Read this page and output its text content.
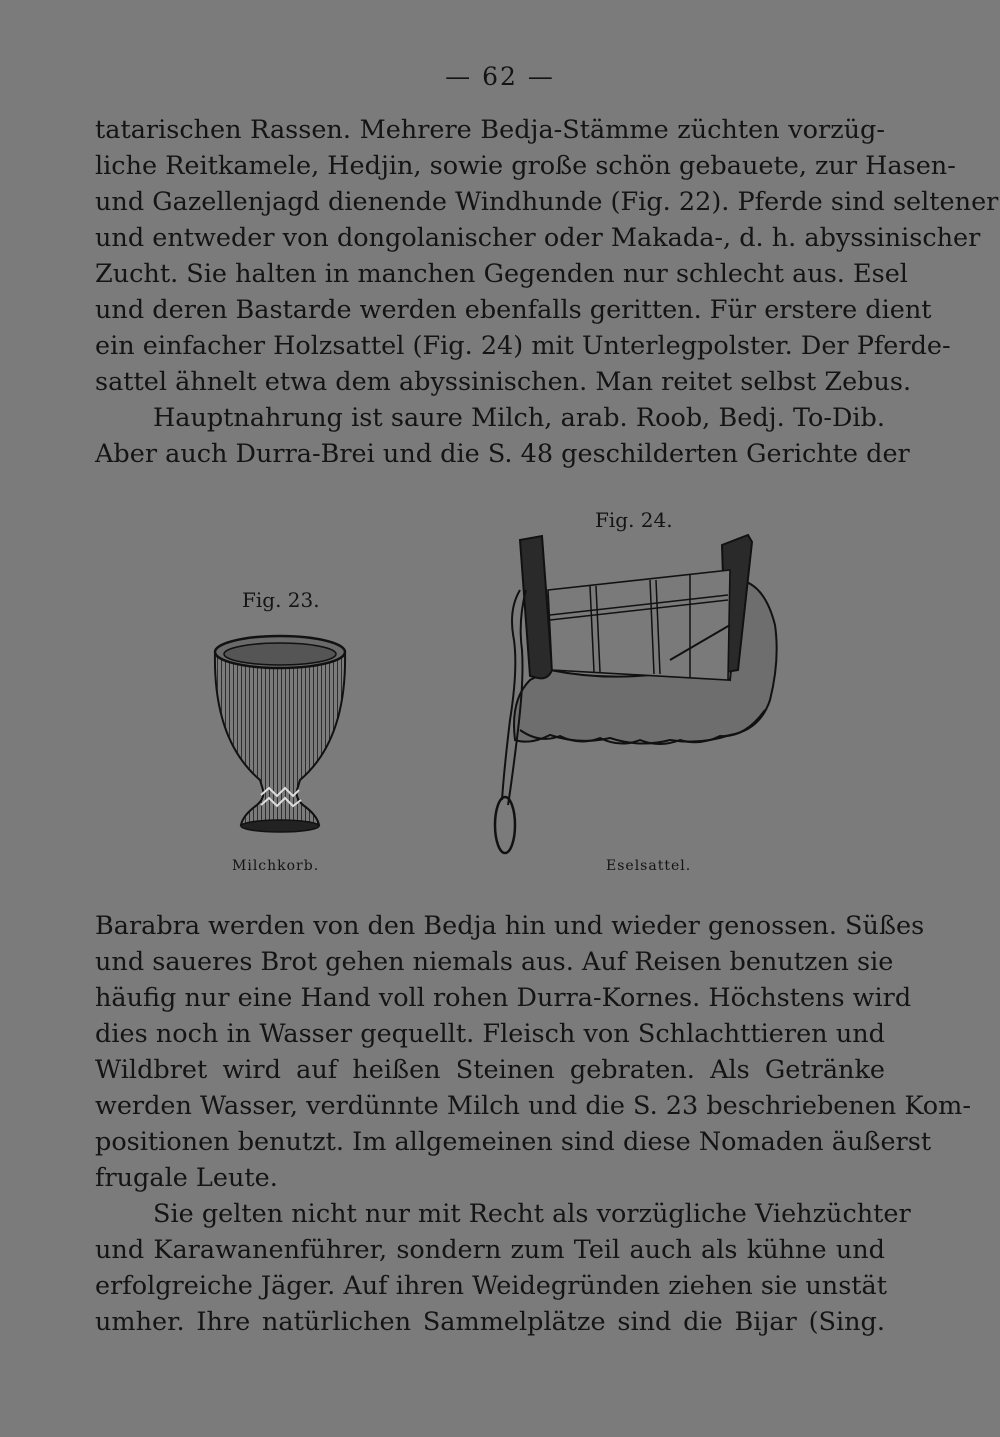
— 62 —
tatarischen Rassen. Mehrere Bedja-Stämme züchten vorzüg-
liche Reitkamele, Hedjin, sowie große schön gebauete, zur Hasen-
und Gazellenjagd dienende Windhunde (Fig. 22). Pferde sind seltener
und entweder von dongolanischer oder Makada-, d. h. abyssinischer
Zucht. Sie halten in manchen Gegenden nur schlecht aus. Esel
und deren Bastarde werden ebenfalls geritten. Für erstere dient
ein einfacher Holzsattel (Fig. 24) mit Unterlegpolster. Der Pferde-
sattel ähnelt etwa dem abyssinischen. Man reitet selbst Zebus.
Hauptnahrung ist saure Milch, arab. Roob, Bedj. To-Dib.
Aber auch Durra-Brei und die S. 48 geschilderten Gerichte der
Fig. 23.
Milchkorb.
Fig. 24.
Eselsattel.
Barabra werden von den Bedja hin und wieder genossen. Süßes
und saueres Brot gehen niemals aus. Auf Reisen benutzen sie
häufig nur eine Hand voll rohen Durra-Kornes. Höchstens wird
dies noch in Wasser gequellt. Fleisch von Schlachttieren und
Wildbret wird auf heißen Steinen gebraten. Als Getränke
werden Wasser, verdünnte Milch und die S. 23 beschriebenen Kom-
positionen benutzt. Im allgemeinen sind diese Nomaden äußerst
frugale Leute.
Sie gelten nicht nur mit Recht als vorzügliche Viehzüchter
und Karawanenführer, sondern zum Teil auch als kühne und
erfolgreiche Jäger. Auf ihren Weidegründen ziehen sie unstät
umher. Ihre natürlichen Sammelplätze sind die Bijar (Sing.
